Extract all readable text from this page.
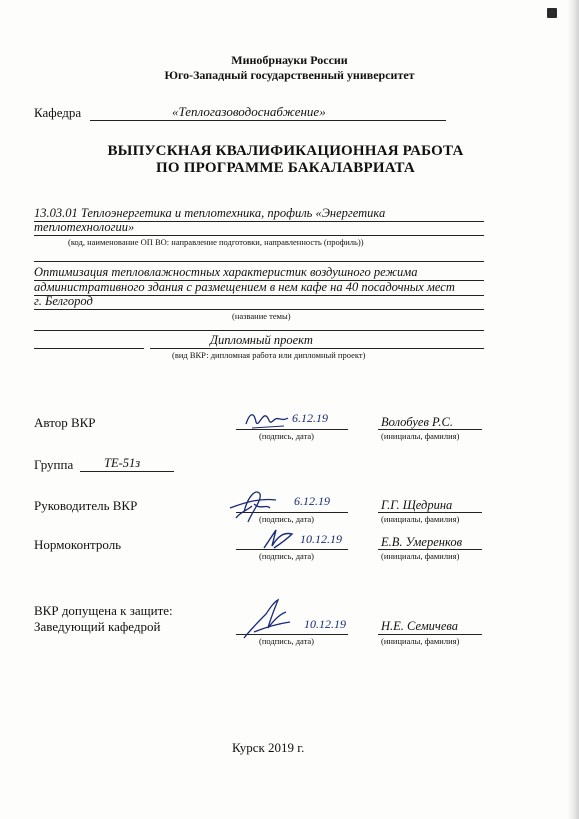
Минобрнауки России
Юго-Западный государственный университет
Кафедра	«Теплогазоводоснабжение»
ВЫПУСКНАЯ КВАЛИФИКАЦИОННАЯ РАБОТА
ПО ПРОГРАММЕ БАКАЛАВРИАТА
13.03.01 Теплоэнергетика и теплотехника, профиль «Энергетика
теплотехнологии»
(код, наименование ОП ВО: направление подготовки, направленность (профиль))
Оптимизация тепловлажностных характеристик воздушного режима
административного здания с размещением в нем кафе на 40 посадочных мест
г. Белгород
(название темы)
Дипломный проект
(вид ВКР: дипломная работа или дипломный проект)
Автор ВКР	6.12.19
(подпись, дата)
Волобуев Р.С.
(инициалы, фамилия)
Группа ТЕ-51з
Руководитель ВКР	6.12.19
(подпись, дата)
Г.Г. Щедрина
(инициалы, фамилия)
Нормоконтроль	10.12.19
(подпись, дата)
Е.В. Умеренков
(инициалы, фамилия)
ВКР допущена к защите:
Заведующий кафедрой	10.12.19
(подпись, дата)
Н.Е. Семичева
(инициалы, фамилия)
Курск 2019 г.
